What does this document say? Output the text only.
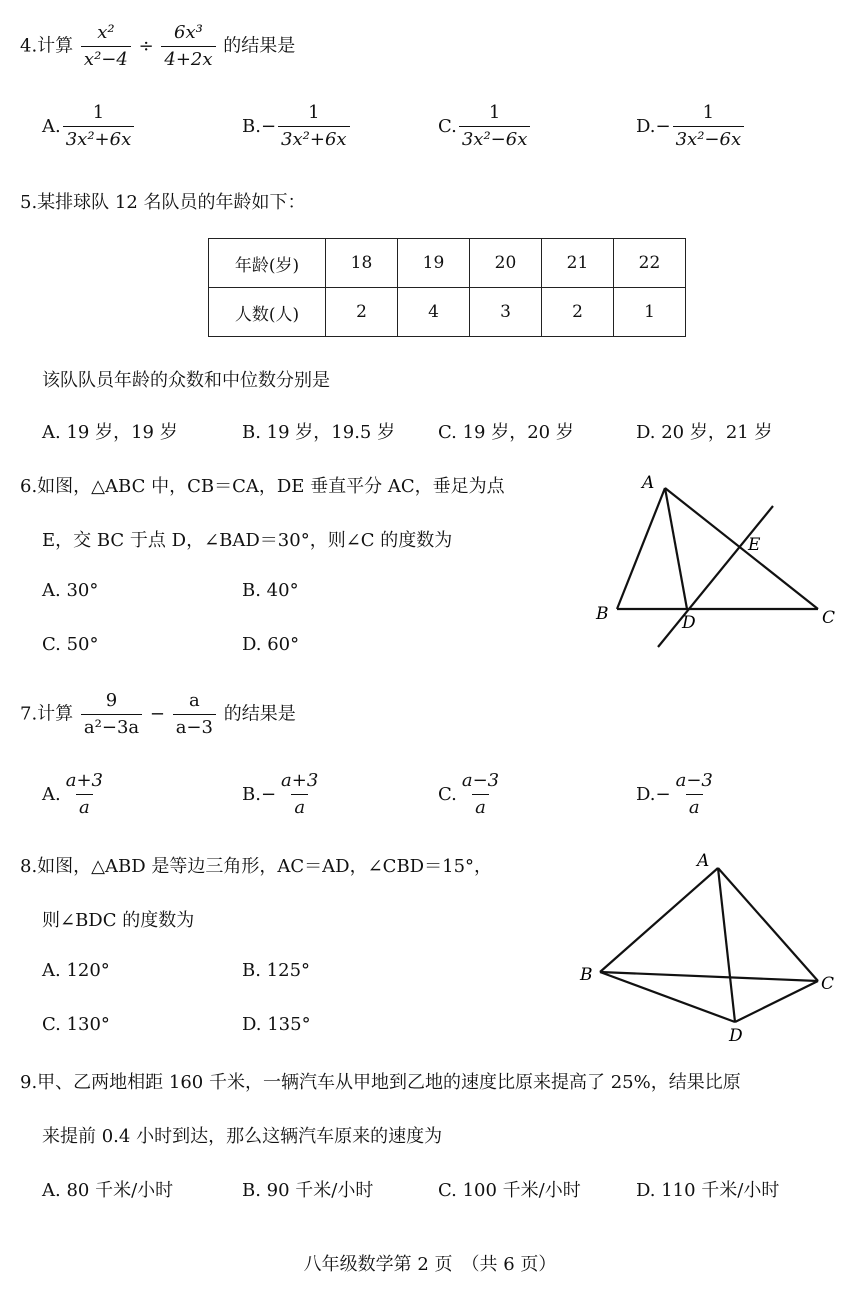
4.计算 $\frac{\text{x²}}{\text{x²−4}} \div \frac{\text{6x³}}{4+2x}$ 的结果是
A. $\frac{1}{\text{3x²+6x}}$	B. − $\frac{1}{\text{3x²+6x}}$	C. $\frac{1}{\text{3x²−6x}}$	D. − $\frac{1}{\text{3x²−6x}}$
5.某排球队 12 名队员的年龄如下：
年龄(岁)	18	19	20	21	22
人数(人)	2	4	3	2	1
该队队员年龄的众数和中位数分别是
A. 19 岁，19 岁	B. 19 岁，19.5 岁 C. 19 岁，20 岁	D. 20 岁，21 岁
6.如图，△ABC 中，CB＝CA，DE 垂直平分 AC，垂足为点
E，交 BC 于点 D，∠BAD＝30°，则∠C 的度数为
A. 30°	B. 40°
C. 50°	D. 60°
A
B	C
D
E
7.计算 $\frac{9}{\text{a²−3a}} - \frac{a}{a-3}$ 的结果是
A. $\frac{a+3}{a}$	B. − $\frac{a+3}{a}$	C. $\frac{a-3}{a}$	D. − $\frac{a-3}{a}$
8.如图，△ABD 是等边三角形，AC＝AD，∠CBD＝15°，
则∠BDC 的度数为
A. 120°	B. 125°
C. 130°	D. 135°
A
B	C
D
9.甲、乙两地相距 160 千米，一辆汽车从甲地到乙地的速度比原来提高了 25%，结果比原
来提前 0.4 小时到达，那么这辆汽车原来的速度为
A. 80 千米/小时	B. 90 千米/小时	C. 100 千米/小时	D. 110 千米/小时
八年级数学第 2 页　（共 6 页）
